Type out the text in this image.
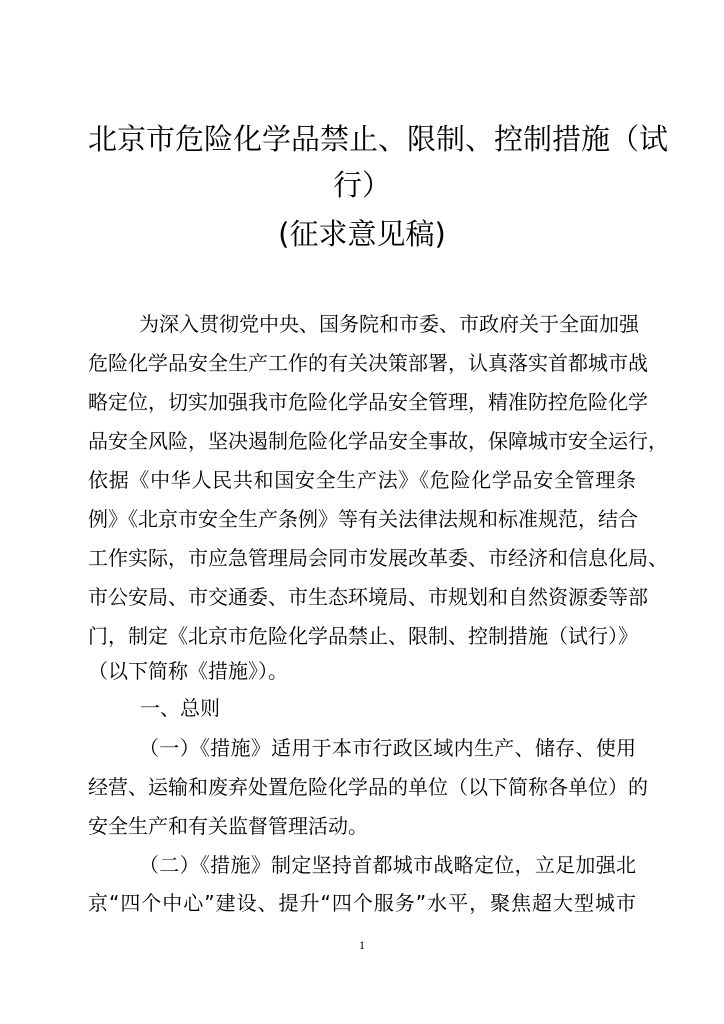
北京市危险化学品禁止、限制、控制措施（试
行）
(征求意见稿)
为深入贯彻党中央、国务院和市委、市政府关于全面加强
危险化学品安全生产工作的有关决策部署，认真落实首都城市战
略定位，切实加强我市危险化学品安全管理，精准防控危险化学
品安全风险，坚决遏制危险化学品安全事故，保障城市安全运行，
依据《中华人民共和国安全生产法》《危险化学品安全管理条
例》《北京市安全生产条例》等有关法律法规和标准规范，结合
工作实际，市应急管理局会同市发展改革委、市经济和信息化局、
市公安局、市交通委、市生态环境局、市规划和自然资源委等部
门，制定《北京市危险化学品禁止、限制、控制措施（试行）》
（以下简称《措施》）。
一、总则
（一）《措施》适用于本市行政区域内生产、储存、使用
经营、运输和废弃处置危险化学品的单位（以下简称各单位）的
安全生产和有关监督管理活动。
（二）《措施》制定坚持首都城市战略定位，立足加强北
京“四个中心”建设、提升“四个服务”水平，聚焦超大型城市
1
